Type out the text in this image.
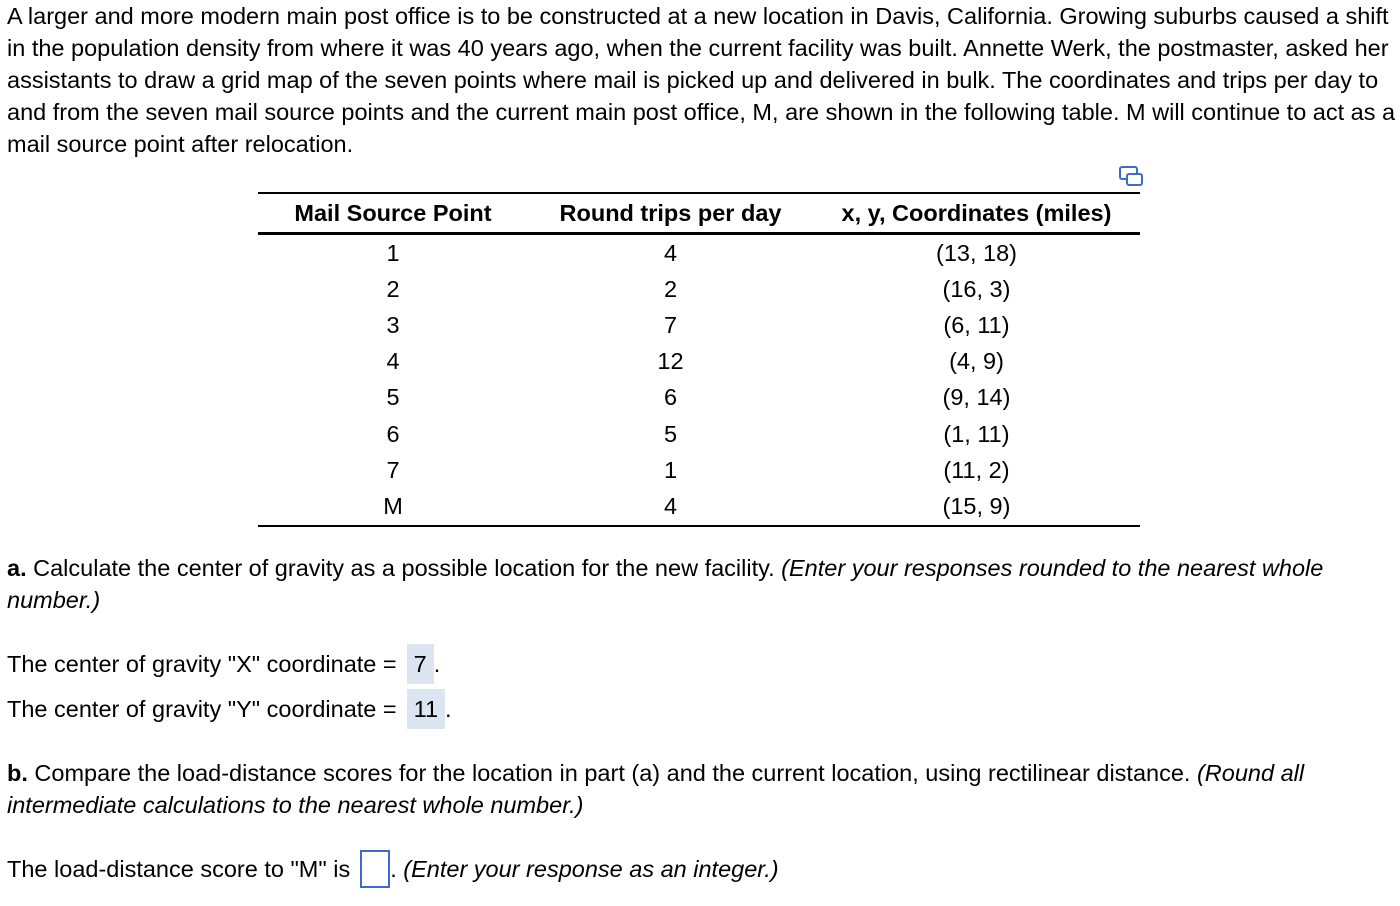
A larger and more modern main post office is to be constructed at a new location in Davis, California. Growing suburbs caused a shift in the population density from where it was 40 years ago, when the current facility was built. Annette Werk, the postmaster, asked her assistants to draw a grid map of the seven points where mail is picked up and delivered in bulk. The coordinates and trips per day to and from the seven mail source points and the current main post office, M, are shown in the following table. M will continue to act as a mail source point after relocation.

Mail Source Point	Round trips per day	x, y, Coordinates (miles)
1	4	(13, 18)
2	2	(16, 3)
3	7	(6, 11)
4	12	(4, 9)
5	6	(9, 14)
6	5	(1, 11)
7	1	(11, 2)
M	4	(15, 9)

a. Calculate the center of gravity as a possible location for the new facility. (Enter your responses rounded to the nearest whole number.)

The center of gravity "X" coordinate = 7 .
The center of gravity "Y" coordinate = 11 .

b. Compare the load-distance scores for the location in part (a) and the current location, using rectilinear distance. (Round all intermediate calculations to the nearest whole number.)

The load-distance score to "M" is . (Enter your response as an integer.)
